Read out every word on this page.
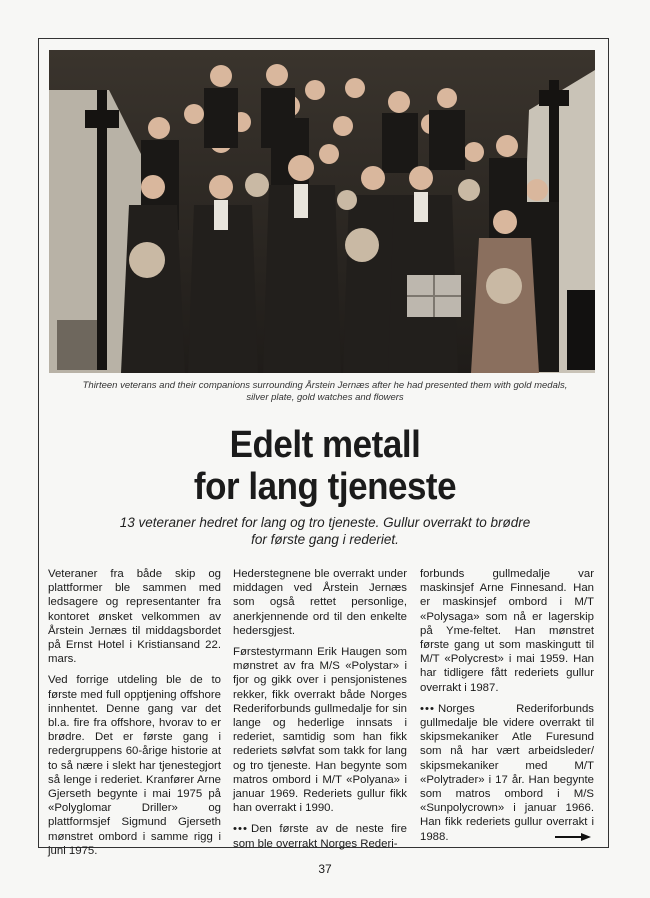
Thirteen veterans and their companions surrounding Årstein Jernæs after he had presented them with gold medals,
silver plate, gold watches and flowers
Edelt metall
for lang tjeneste
13 veteraner hedret for lang og tro tjeneste. Gullur overrakt to brødre
for første gang i rederiet.

Veteraner fra både skip og plattformer ble sammen med ledsagere og representanter fra kontoret ønsket velkommen av Årstein Jernæs til middagsbordet på Ernst Hotel i Kristiansand 22. mars.

Ved forrige utdeling ble de to første med full opptjening offshore innhentet. Denne gang var det bl.a. fire fra offshore, hvorav to er brødre. Det er første gang i redergruppens 60-årige historie at to så nære i slekt har tjenestegjort så lenge i rederiet. Kranfører Arne Gjerseth begynte i mai 1975 på «Polyglomar Driller» og plattformsjef Sigmund Gjerseth mønstret ombord i samme rigg i juni 1975.

Hederstegnene ble overrakt under middagen ved Årstein Jernæs som også rettet personlige, anerkjennende ord til den enkelte hedersgjest.

Førstestyrmann Erik Haugen som mønstret av fra M/S «Polystar» i fjor og gikk over i pensjonistenes rekker, fikk overrakt både Norges Rederiforbunds gullmedalje for sin lange og hederlige innsats i rederiet, samtidig som han fikk rederiets sølvfat som takk for lang og tro tjeneste. Han begynte som matros ombord i M/T «Polyana» i januar 1969. Rederiets gullur fikk han overrakt i 1990.

••• Den første av de neste fire som ble overrakt Norges Rederi-

forbunds gullmedalje var maskinsjef Arne Finnesand. Han er maskinsjef ombord i M/T «Polysaga» som nå er lagerskip på Yme-feltet. Han mønstret første gang ut som maskingutt til M/T «Polycrest» i mai 1959. Han har tidligere fått rederiets gullur overrakt i 1987.

••• Norges Rederiforbunds gullmedalje ble videre overrakt til skipsmekaniker Atle Furesund som nå har vært arbeidsleder/ skipsmekaniker med M/T «Polytrader» i 17 år. Han begynte som matros ombord i M/S «Sunpolycrown» i januar 1966. Han fikk rederiets gullur overrakt i 1988.

37
